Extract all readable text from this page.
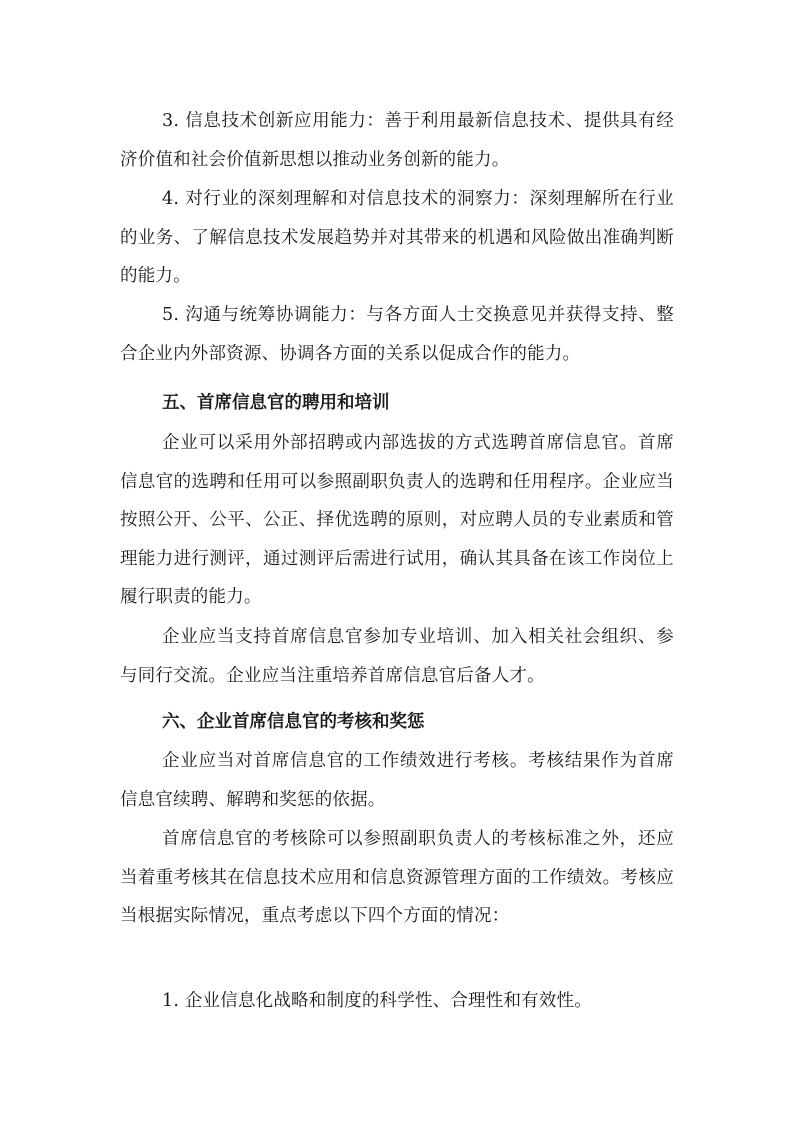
3. 信息技术创新应用能力：善于利用最新信息技术、提供具有经济价值和社会价值新思想以推动业务创新的能力。

4. 对行业的深刻理解和对信息技术的洞察力：深刻理解所在行业的业务、了解信息技术发展趋势并对其带来的机遇和风险做出准确判断的能力。

5. 沟通与统筹协调能力：与各方面人士交换意见并获得支持、整合企业内外部资源、协调各方面的关系以促成合作的能力。

五、首席信息官的聘用和培训

企业可以采用外部招聘或内部选拔的方式选聘首席信息官。首席信息官的选聘和任用可以参照副职负责人的选聘和任用程序。企业应当按照公开、公平、公正、择优选聘的原则，对应聘人员的专业素质和管理能力进行测评，通过测评后需进行试用，确认其具备在该工作岗位上履行职责的能力。

企业应当支持首席信息官参加专业培训、加入相关社会组织、参与同行交流。企业应当注重培养首席信息官后备人才。

六、企业首席信息官的考核和奖惩

企业应当对首席信息官的工作绩效进行考核。考核结果作为首席信息官续聘、解聘和奖惩的依据。

首席信息官的考核除可以参照副职负责人的考核标准之外，还应当着重考核其在信息技术应用和信息资源管理方面的工作绩效。考核应当根据实际情况，重点考虑以下四个方面的情况：

1. 企业信息化战略和制度的科学性、合理性和有效性。
